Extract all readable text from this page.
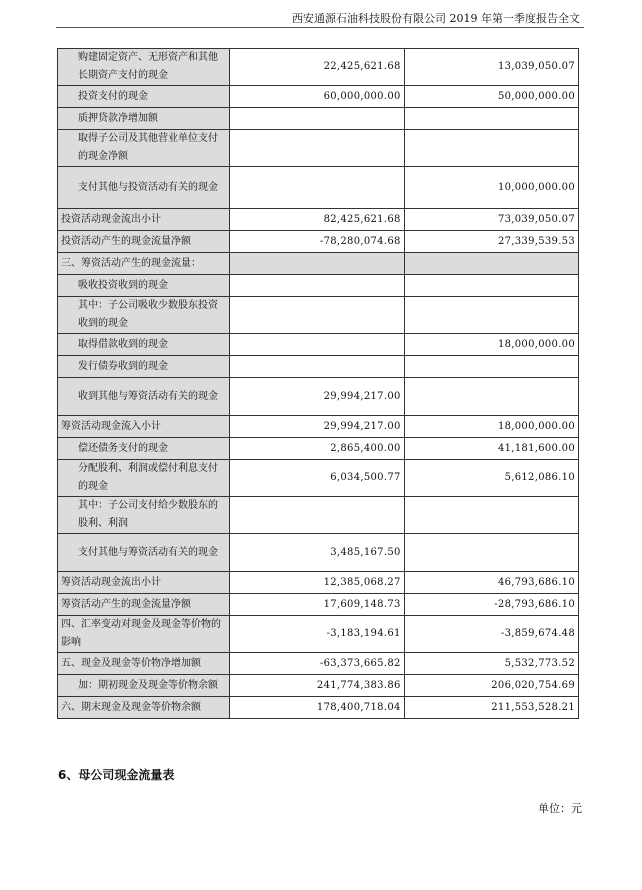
西安通源石油科技股份有限公司 2019 年第一季度报告全文
购建固定资产、无形资产和其他长期资产支付的现金	22,425,621.68	13,039,050.07
投资支付的现金	60,000,000.00	50,000,000.00
质押贷款净增加额		
取得子公司及其他营业单位支付的现金净额		
支付其他与投资活动有关的现金		10,000,000.00
投资活动现金流出小计	82,425,621.68	73,039,050.07
投资活动产生的现金流量净额	-78,280,074.68	27,339,539.53
三、筹资活动产生的现金流量：		
吸收投资收到的现金		
其中：子公司吸收少数股东投资收到的现金		
取得借款收到的现金		18,000,000.00
发行债券收到的现金		
收到其他与筹资活动有关的现金	29,994,217.00	
筹资活动现金流入小计	29,994,217.00	18,000,000.00
偿还债务支付的现金	2,865,400.00	41,181,600.00
分配股利、利润或偿付利息支付的现金	6,034,500.77	5,612,086.10
其中：子公司支付给少数股东的股利、利润		
支付其他与筹资活动有关的现金	3,485,167.50	
筹资活动现金流出小计	12,385,068.27	46,793,686.10
筹资活动产生的现金流量净额	17,609,148.73	-28,793,686.10
四、汇率变动对现金及现金等价物的影响	-3,183,194.61	-3,859,674.48
五、现金及现金等价物净增加额	-63,373,665.82	5,532,773.52
加：期初现金及现金等价物余额	241,774,383.86	206,020,754.69
六、期末现金及现金等价物余额	178,400,718.04	211,553,528.21
6、母公司现金流量表
单位：元
